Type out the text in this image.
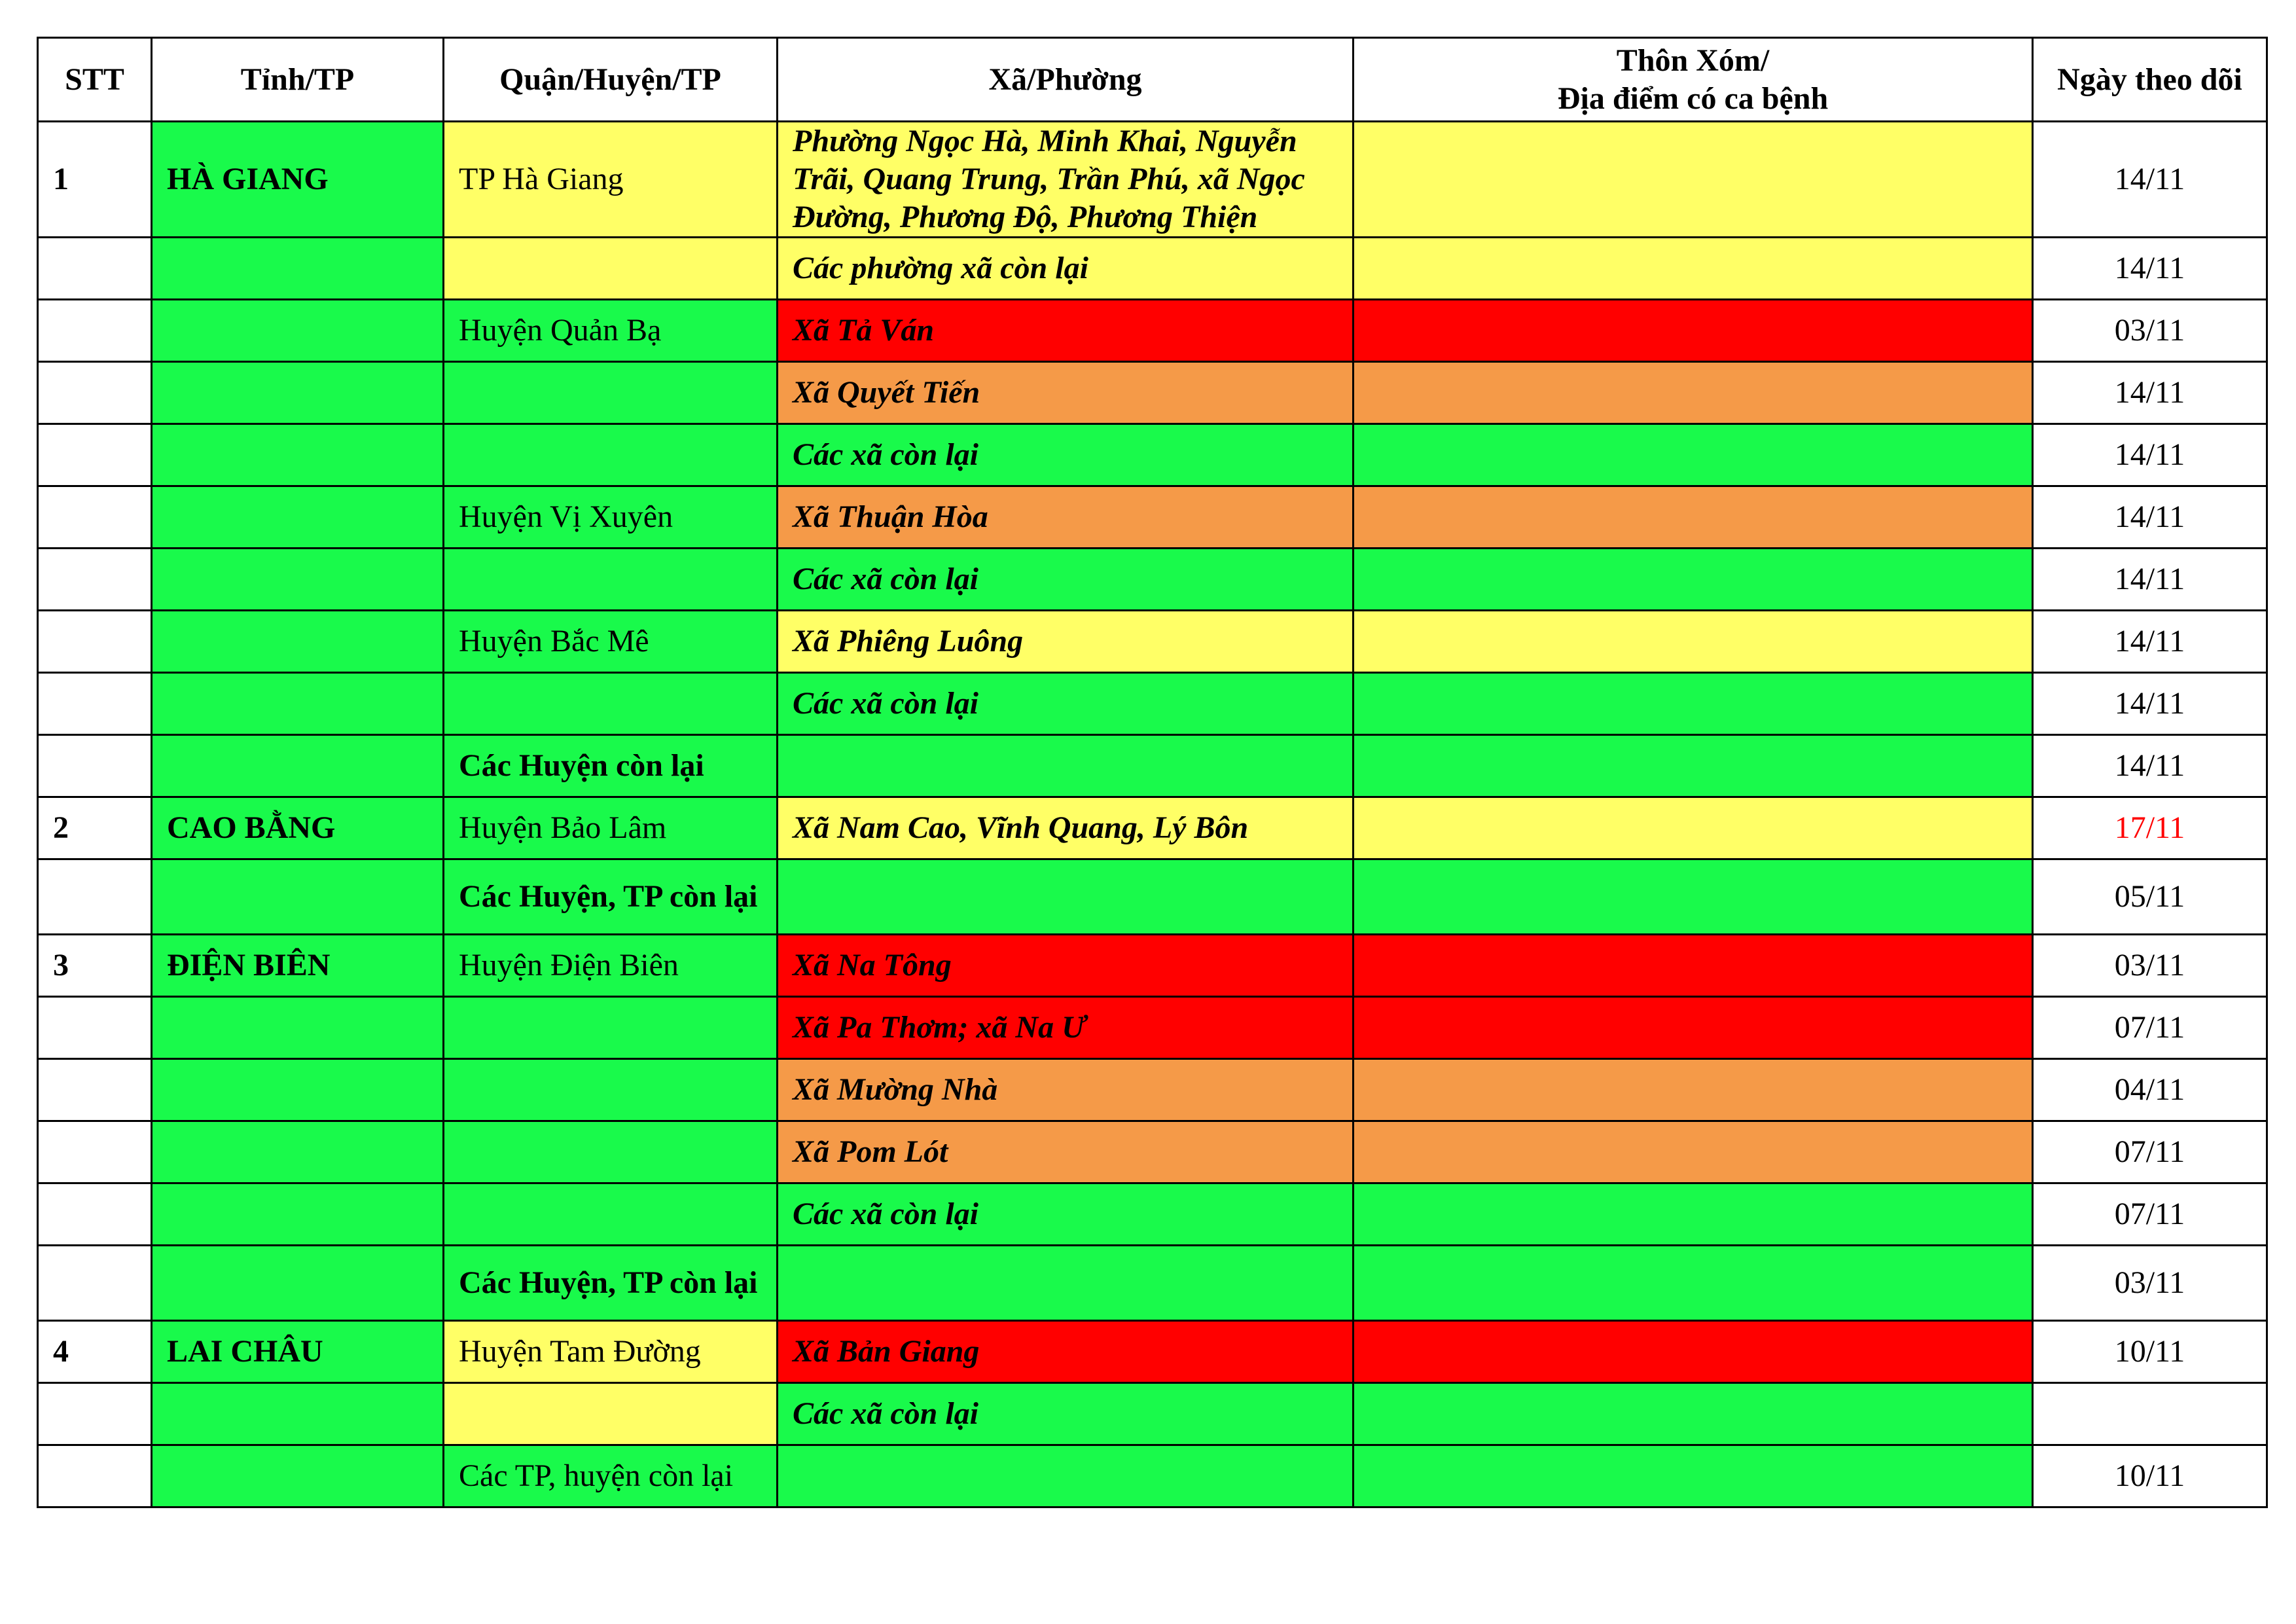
STT	Tỉnh/TP	Quận/Huyện/TP	Xã/Phường	Thôn Xóm/
Địa điểm có ca bệnh	Ngày theo dõi
1	HÀ GIANG	TP Hà Giang	Phường Ngọc Hà, Minh Khai, Nguyễn Trãi, Quang Trung, Trần Phú, xã Ngọc Đường, Phương Độ, Phương Thiện		14/11
			Các phường xã còn lại		14/11
		Huyện Quản Bạ	Xã Tả Ván		03/11
			Xã Quyết Tiến		14/11
			Các xã còn lại		14/11
		Huyện Vị Xuyên	Xã Thuận Hòa		14/11
			Các xã còn lại		14/11
		Huyện Bắc Mê	Xã Phiêng Luông		14/11
			Các xã còn lại		14/11
		Các Huyện còn lại			14/11
2	CAO BẰNG	Huyện Bảo Lâm	Xã Nam Cao, Vĩnh Quang, Lý Bôn		17/11
		Các Huyện, TP còn lại			05/11
3	ĐIỆN BIÊN	Huyện Điện Biên	Xã Na Tông		03/11
			Xã Pa Thơm; xã Na Ư		07/11
			Xã Mường Nhà		04/11
			Xã Pom Lót		07/11
			Các xã còn lại		07/11
		Các Huyện, TP còn lại			03/11
4	LAI CHÂU	Huyện Tam Đường	Xã Bản Giang		10/11
			Các xã còn lại		
		Các TP, huyện còn lại			10/11
